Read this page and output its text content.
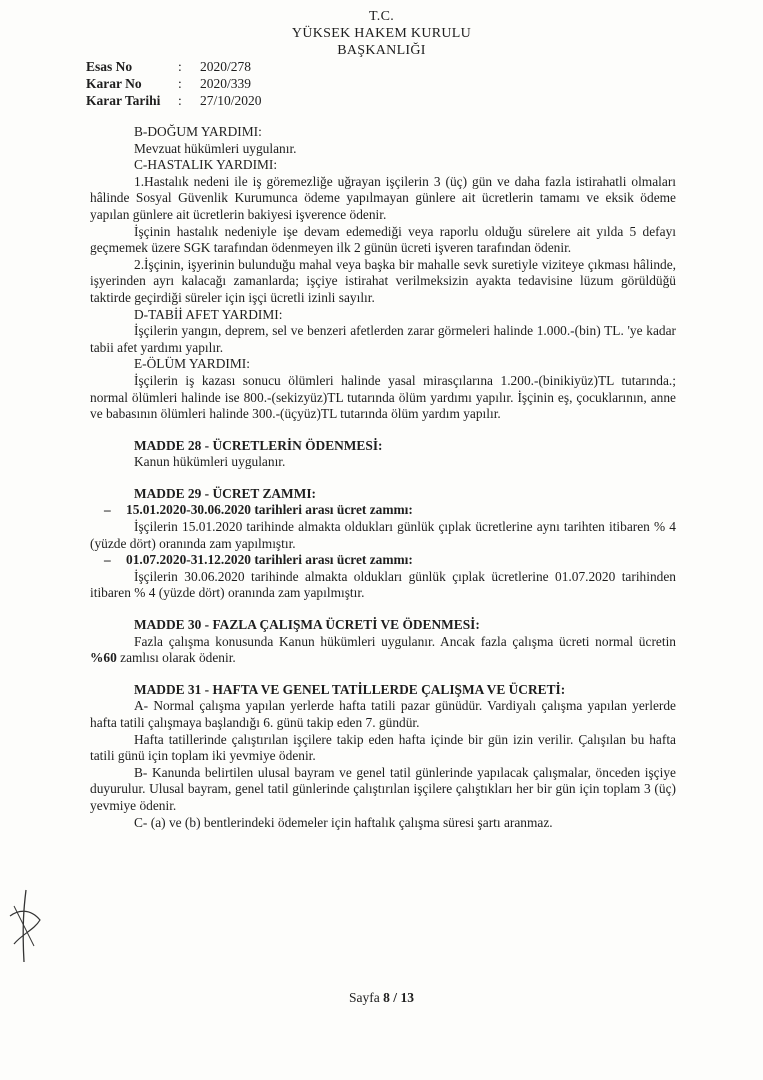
T.C.
YÜKSEK HAKEM KURULU
BAŞKANLIĞI
Esas No	:	2020/278
Karar No	:	2020/339
Karar Tarihi	:	27/10/2020

B-DOĞUM YARDIMI:

Mevzuat hükümleri uygulanır.

C-HASTALIK YARDIMI:

1.Hastalık nedeni ile iş göremezliğe uğrayan işçilerin 3 (üç) gün ve daha fazla istirahatli olmaları hâlinde Sosyal Güvenlik Kurumunca ödeme yapılmayan günlere ait ücretlerin tamamı ve eksik ödeme yapılan günlere ait ücretlerin bakiyesi işverence ödenir.

İşçinin hastalık nedeniyle işe devam edemediği veya raporlu olduğu sürelere ait yılda 5 defayı geçmemek üzere SGK tarafından ödenmeyen ilk 2 günün ücreti işveren tarafından ödenir.

2.İşçinin, işyerinin bulunduğu mahal veya başka bir mahalle sevk suretiyle viziteye çıkması hâlinde, işyerinden ayrı kalacağı zamanlarda; işçiye istirahat verilmeksizin ayakta tedavisine lüzum görüldüğü taktirde geçirdiği süreler için işçi ücretli izinli sayılır.

D-TABİİ AFET YARDIMI:

İşçilerin yangın, deprem, sel ve benzeri afetlerden zarar görmeleri halinde 1.000.-(bin) TL. 'ye kadar tabii afet yardımı yapılır.

E-ÖLÜM YARDIMI:

İşçilerin iş kazası sonucu ölümleri halinde yasal mirasçılarına 1.200.-(binikiyüz)TL tutarında.; normal ölümleri halinde ise 800.-(sekizyüz)TL tutarında ölüm yardımı yapılır. İşçinin eş, çocuklarının, anne ve babasının ölümleri halinde 300.-(üçyüz)TL tutarında ölüm yardım yapılır.

MADDE 28 - ÜCRETLERİN ÖDENMESİ:

Kanun hükümleri uygulanır.

MADDE 29 - ÜCRET ZAMMI:

– 15.01.2020-30.06.2020 tarihleri arası ücret zammı:

İşçilerin 15.01.2020 tarihinde almakta oldukları günlük çıplak ücretlerine aynı tarihten itibaren % 4 (yüzde dört) oranında zam yapılmıştır.

– 01.07.2020-31.12.2020 tarihleri arası ücret zammı:

İşçilerin 30.06.2020 tarihinde almakta oldukları günlük çıplak ücretlerine 01.07.2020 tarihinden itibaren % 4 (yüzde dört) oranında zam yapılmıştır.

MADDE 30 - FAZLA ÇALIŞMA ÜCRETİ VE ÖDENMESİ:

Fazla çalışma konusunda Kanun hükümleri uygulanır. Ancak fazla çalışma ücreti normal ücretin %60 zamlısı olarak ödenir.

MADDE 31 - HAFTA VE GENEL TATİLLERDE ÇALIŞMA VE ÜCRETİ:

A- Normal çalışma yapılan yerlerde hafta tatili pazar günüdür. Vardiyalı çalışma yapılan yerlerde hafta tatili çalışmaya başlandığı 6. günü takip eden 7. gündür.

Hafta tatillerinde çalıştırılan işçilere takip eden hafta içinde bir gün izin verilir. Çalışılan bu hafta tatili günü için toplam iki yevmiye ödenir.

B- Kanunda belirtilen ulusal bayram ve genel tatil günlerinde yapılacak çalışmalar, önceden işçiye duyurulur. Ulusal bayram, genel tatil günlerinde çalıştırılan işçilere çalıştıkları her bir gün için toplam 3 (üç) yevmiye ödenir.

C- (a) ve (b) bentlerindeki ödemeler için haftalık çalışma süresi şartı aranmaz.

Sayfa 8 / 13
